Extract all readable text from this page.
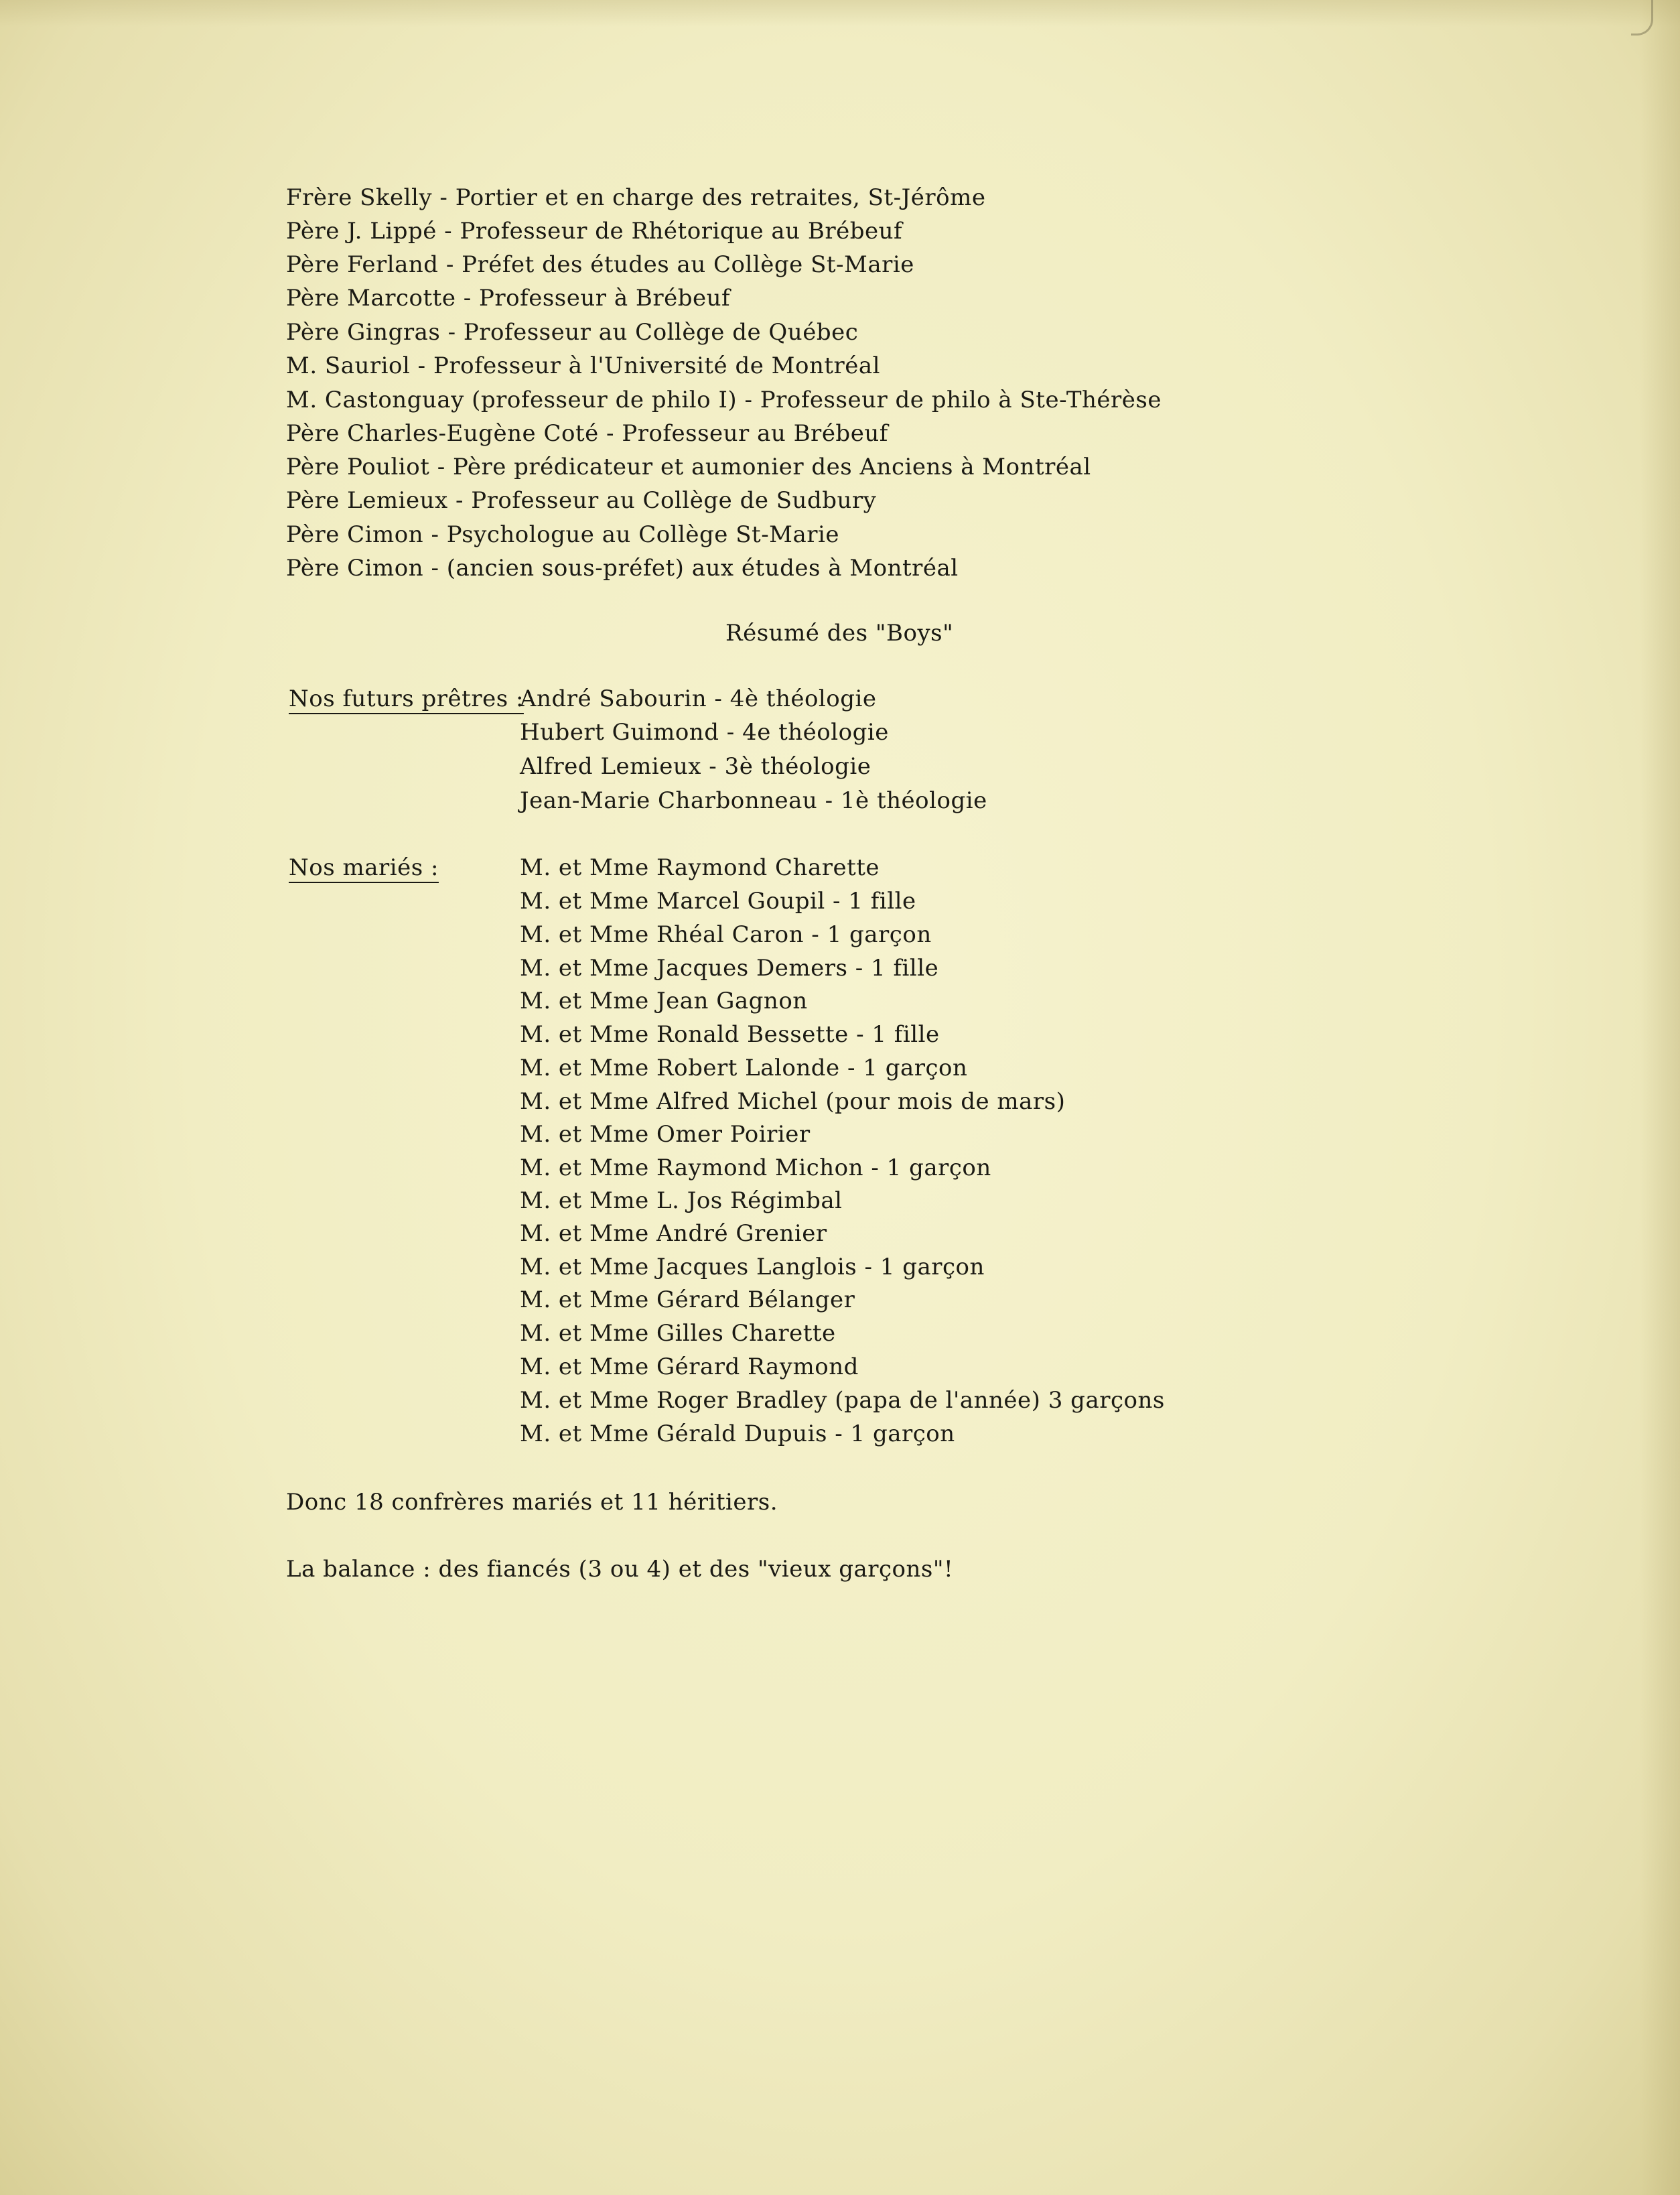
Frère Skelly - Portier et en charge des retraites, St-Jérôme
Père J. Lippé - Professeur de Rhétorique au Brébeuf
Père Ferland - Préfet des études au Collège St-Marie
Père Marcotte - Professeur à Brébeuf
Père Gingras - Professeur au Collège de Québec
M. Sauriol - Professeur à l'Université de Montréal
M. Castonguay (professeur de philo I) - Professeur de philo à Ste-Thérèse
Père Charles-Eugène Coté - Professeur au Brébeuf
Père Pouliot - Père prédicateur et aumonier des Anciens à Montréal
Père Lemieux - Professeur au Collège de Sudbury
Père Cimon - Psychologue au Collège St-Marie
Père Cimon - (ancien sous-préfet) aux études à Montréal
Résumé des "Boys"
Nos futurs prêtres :
André Sabourin - 4è théologie
Hubert Guimond - 4e théologie
Alfred Lemieux - 3è théologie
Jean-Marie Charbonneau - 1è théologie
Nos mariés :	M. et Mme Raymond Charette
M. et Mme Marcel Goupil - 1 fille
M. et Mme Rhéal Caron - 1 garçon
M. et Mme Jacques Demers - 1 fille
M. et Mme Jean Gagnon
M. et Mme Ronald Bessette - 1 fille
M. et Mme Robert Lalonde - 1 garçon
M. et Mme Alfred Michel (pour mois de mars)
M. et Mme Omer Poirier
M. et Mme Raymond Michon - 1 garçon
M. et Mme L. Jos Régimbal
M. et Mme André Grenier
M. et Mme Jacques Langlois - 1 garçon
M. et Mme Gérard Bélanger
M. et Mme Gilles Charette
M. et Mme Gérard Raymond
M. et Mme Roger Bradley (papa de l'année) 3 garçons
M. et Mme Gérald Dupuis - 1 garçon
Donc 18 confrères mariés et 11 héritiers.
La balance : des fiancés (3 ou 4) et des "vieux garçons"!
